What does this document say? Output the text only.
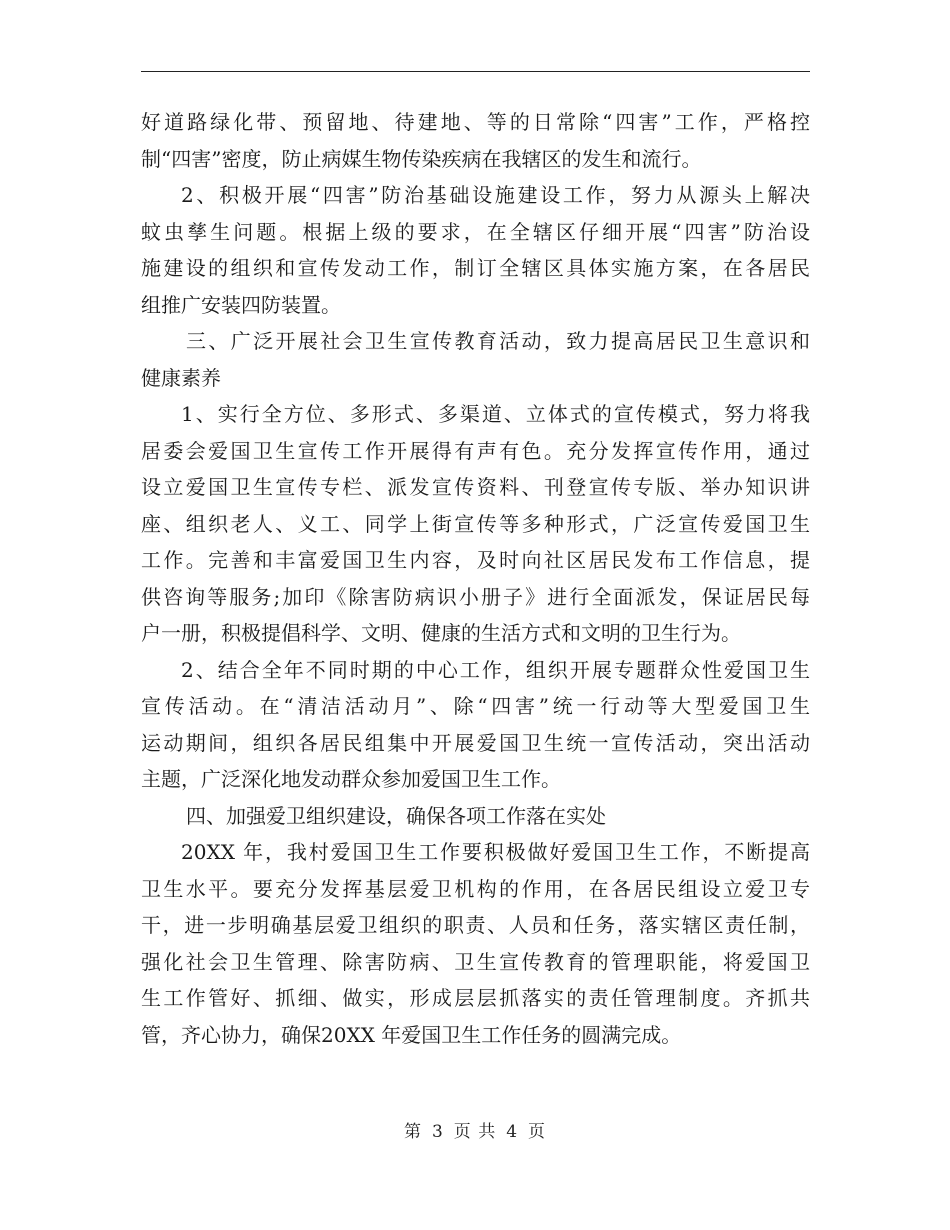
好道路绿化带、预留地、待建地、等的日常除“四害”工作，严格控
制“四害”密度，防止病媒生物传染疾病在我辖区的发生和流行。
2、积极开展“四害”防治基础设施建设工作，努力从源头上解决
蚊虫孳生问题。根据上级的要求，在全辖区仔细开展“四害”防治设
施建设的组织和宣传发动工作，制订全辖区具体实施方案，在各居民
组推广安装四防装置。
三、广泛开展社会卫生宣传教育活动，致力提高居民卫生意识和
健康素养
1、实行全方位、多形式、多渠道、立体式的宣传模式，努力将我
居委会爱国卫生宣传工作开展得有声有色。充分发挥宣传作用，通过
设立爱国卫生宣传专栏、派发宣传资料、刊登宣传专版、举办知识讲
座、组织老人、义工、同学上街宣传等多种形式，广泛宣传爱国卫生
工作。完善和丰富爱国卫生内容，及时向社区居民发布工作信息，提
供咨询等服务;加印《除害防病识小册子》进行全面派发，保证居民每
户一册，积极提倡科学、文明、健康的生活方式和文明的卫生行为。
2、结合全年不同时期的中心工作，组织开展专题群众性爱国卫生
宣传活动。在“清洁活动月”、除“四害”统一行动等大型爱国卫生
运动期间，组织各居民组集中开展爱国卫生统一宣传活动，突出活动
主题，广泛深化地发动群众参加爱国卫生工作。
四、加强爱卫组织建设，确保各项工作落在实处
20XX 年，我村爱国卫生工作要积极做好爱国卫生工作，不断提高
卫生水平。要充分发挥基层爱卫机构的作用，在各居民组设立爱卫专
干，进一步明确基层爱卫组织的职责、人员和任务，落实辖区责任制，
强化社会卫生管理、除害防病、卫生宣传教育的管理职能，将爱国卫
生工作管好、抓细、做实，形成层层抓落实的责任管理制度。齐抓共
管，齐心协力，确保20XX 年爱国卫生工作任务的圆满完成。
第 3 页 共 4 页
